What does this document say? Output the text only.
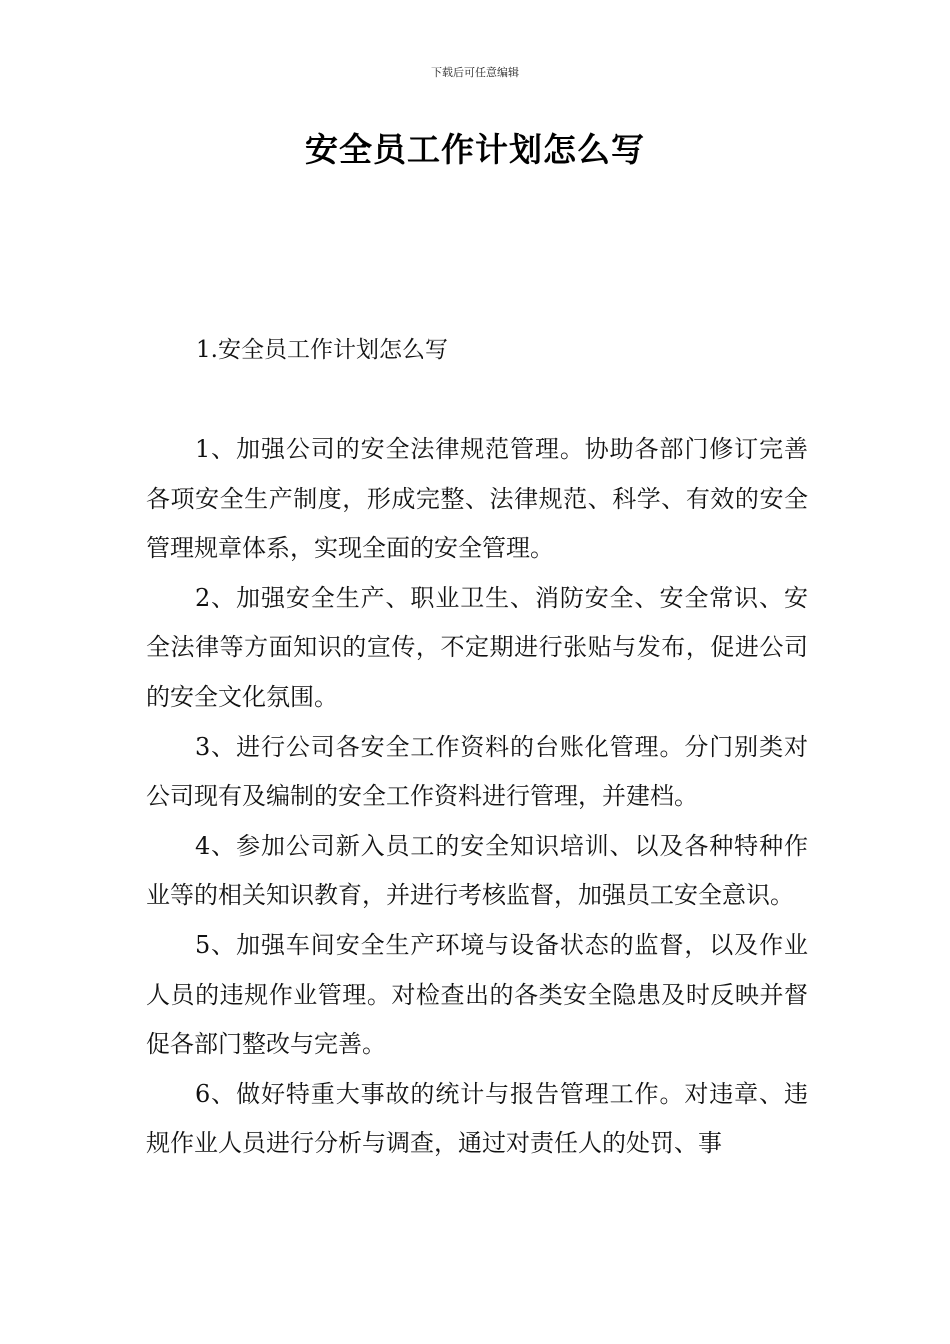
下载后可任意编辑
安全员工作计划怎么写
1.安全员工作计划怎么写

1、加强公司的安全法律规范管理。协助各部门修订完善各项安全生产制度，形成完整、法律规范、科学、有效的安全管理规章体系，实现全面的安全管理。

2、加强安全生产、职业卫生、消防安全、安全常识、安全法律等方面知识的宣传，不定期进行张贴与发布，促进公司的安全文化氛围。

3、进行公司各安全工作资料的台账化管理。分门别类对公司现有及编制的安全工作资料进行管理，并建档。

4、参加公司新入员工的安全知识培训、以及各种特种作业等的相关知识教育，并进行考核监督，加强员工安全意识。

5、加强车间安全生产环境与设备状态的监督，以及作业人员的违规作业管理。对检查出的各类安全隐患及时反映并督促各部门整改与完善。

6、做好特重大事故的统计与报告管理工作。对违章、违规作业人员进行分析与调查，通过对责任人的处罚、事
